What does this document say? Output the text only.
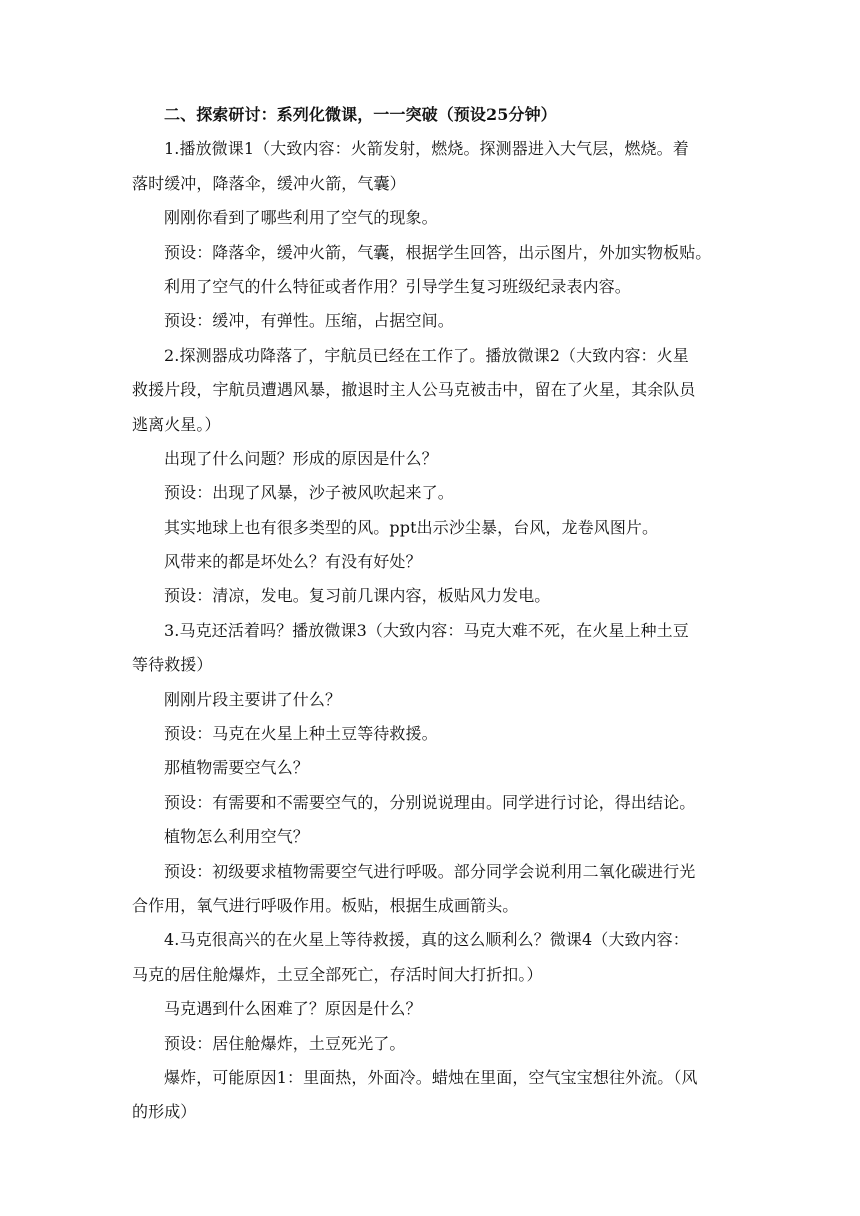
二、探索研讨：系列化微课，一一突破（预设25分钟）
1.播放微课1（大致内容：火箭发射，燃烧。探测器进入大气层，燃烧。着
落时缓冲，降落伞，缓冲火箭，气囊）
刚刚你看到了哪些利用了空气的现象。
预设：降落伞，缓冲火箭，气囊，根据学生回答，出示图片，外加实物板贴。
利用了空气的什么特征或者作用？引导学生复习班级纪录表内容。
预设：缓冲，有弹性。压缩，占据空间。
2.探测器成功降落了，宇航员已经在工作了。播放微课2（大致内容：火星
救援片段，宇航员遭遇风暴，撤退时主人公马克被击中，留在了火星，其余队员
逃离火星。）
出现了什么问题？形成的原因是什么？
预设：出现了风暴，沙子被风吹起来了。
其实地球上也有很多类型的风。ppt出示沙尘暴，台风，龙卷风图片。
风带来的都是坏处么？有没有好处？
预设：清凉，发电。复习前几课内容，板贴风力发电。
3.马克还活着吗？播放微课3（大致内容：马克大难不死，在火星上种土豆
等待救援）
刚刚片段主要讲了什么？
预设：马克在火星上种土豆等待救援。
那植物需要空气么？
预设：有需要和不需要空气的，分别说说理由。同学进行讨论，得出结论。
植物怎么利用空气？
预设：初级要求植物需要空气进行呼吸。部分同学会说利用二氧化碳进行光
合作用，氧气进行呼吸作用。板贴，根据生成画箭头。
4.马克很高兴的在火星上等待救援，真的这么顺利么？微课4（大致内容：
马克的居住舱爆炸，土豆全部死亡，存活时间大打折扣。）
马克遇到什么困难了？原因是什么？
预设：居住舱爆炸，土豆死光了。
爆炸，可能原因1：里面热，外面冷。蜡烛在里面，空气宝宝想往外流。（风
的形成）
